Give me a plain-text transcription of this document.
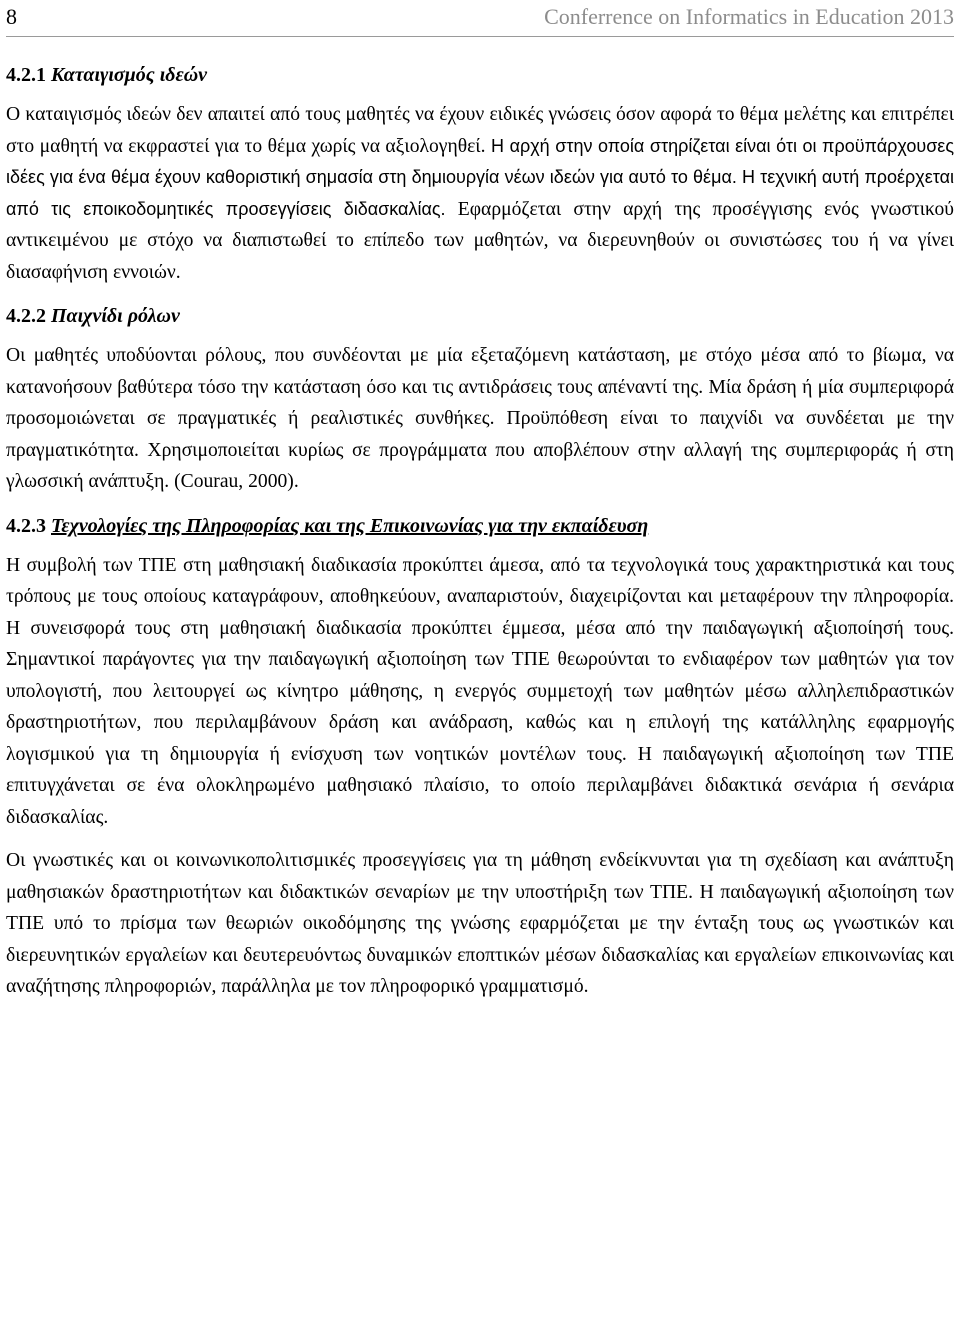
8	Conferrence on Informatics in Education 2013
4.2.1 Καταιγισμός ιδεών

Ο καταιγισμός ιδεών δεν απαιτεί από τους μαθητές να έχουν ειδικές γνώσεις όσον αφορά το θέμα μελέτης και επιτρέπει στο μαθητή να εκφραστεί για το θέμα χωρίς να αξιολογηθεί. Η αρχή στην οποία στηρίζεται είναι ότι οι προϋπάρχουσες ιδέες για ένα θέμα έχουν καθοριστική σημασία στη δημιουργία νέων ιδεών για αυτό το θέμα. Η τεχνική αυτή προέρχεται από τις εποικοδομητικές προσεγγίσεις διδασκαλίας. Εφαρμόζεται στην αρχή της προσέγγισης ενός γνωστικού αντικειμένου με στόχο να διαπιστωθεί το επίπεδο των μαθητών, να διερευνηθούν οι συνιστώσες του ή να γίνει διασαφήνιση εννοιών.

4.2.2 Παιχνίδι ρόλων

Οι μαθητές υποδύονται ρόλους, που συνδέονται με μία εξεταζόμενη κατάσταση, με στόχο μέσα από το βίωμα, να κατανοήσουν βαθύτερα τόσο την κατάσταση όσο και τις αντιδράσεις τους απέναντί της. Μία δράση ή μία συμπεριφορά προσομοιώνεται σε πραγματικές ή ρεαλιστικές συνθήκες. Προϋπόθεση είναι το παιχνίδι να συνδέεται με την πραγματικότητα. Χρησιμοποιείται κυρίως σε προγράμματα που αποβλέπουν στην αλλαγή της συμπεριφοράς ή στη γλωσσική ανάπτυξη. (Courau, 2000).

4.2.3 Τεχνολογίες της Πληροφορίας και της Επικοινωνίας για την εκπαίδευση

Η συμβολή των ΤΠΕ στη μαθησιακή διαδικασία προκύπτει άμεσα, από τα τεχνολογικά τους χαρακτηριστικά και τους τρόπους με τους οποίους καταγράφουν, αποθηκεύουν, αναπαριστούν, διαχειρίζονται και μεταφέρουν την πληροφορία. Η συνεισφορά τους στη μαθησιακή διαδικασία προκύπτει έμμεσα, μέσα από την παιδαγωγική αξιοποίησή τους. Σημαντικοί παράγοντες για την παιδαγωγική αξιοποίηση των ΤΠΕ θεωρούνται το ενδιαφέρον των μαθητών για τον υπολογιστή, που λειτουργεί ως κίνητρο μάθησης, η ενεργός συμμετοχή των μαθητών μέσω αλληλεπιδραστικών δραστηριοτήτων, που περιλαμβάνουν δράση και ανάδραση, καθώς και η επιλογή της κατάλληλης εφαρμογής λογισμικού για τη δημιουργία ή ενίσχυση των νοητικών μοντέλων τους. Η παιδαγωγική αξιοποίηση των ΤΠΕ επιτυγχάνεται σε ένα ολοκληρωμένο μαθησιακό πλαίσιο, το οποίο περιλαμβάνει διδακτικά σενάρια ή σενάρια διδασκαλίας.

Οι γνωστικές και οι κοινωνικοπολιτισμικές προσεγγίσεις για τη μάθηση ενδείκνυνται για τη σχεδίαση και ανάπτυξη μαθησιακών δραστηριοτήτων και διδακτικών σεναρίων με την υποστήριξη των ΤΠΕ. Η παιδαγωγική αξιοποίηση των ΤΠΕ υπό το πρίσμα των θεωριών οικοδόμησης της γνώσης εφαρμόζεται με την ένταξη τους ως γνωστικών και διερευνητικών εργαλείων και δευτερευόντως δυναμικών εποπτικών μέσων διδασκαλίας και εργαλείων επικοινωνίας και αναζήτησης πληροφοριών, παράλληλα με τον πληροφορικό γραμματισμό.
